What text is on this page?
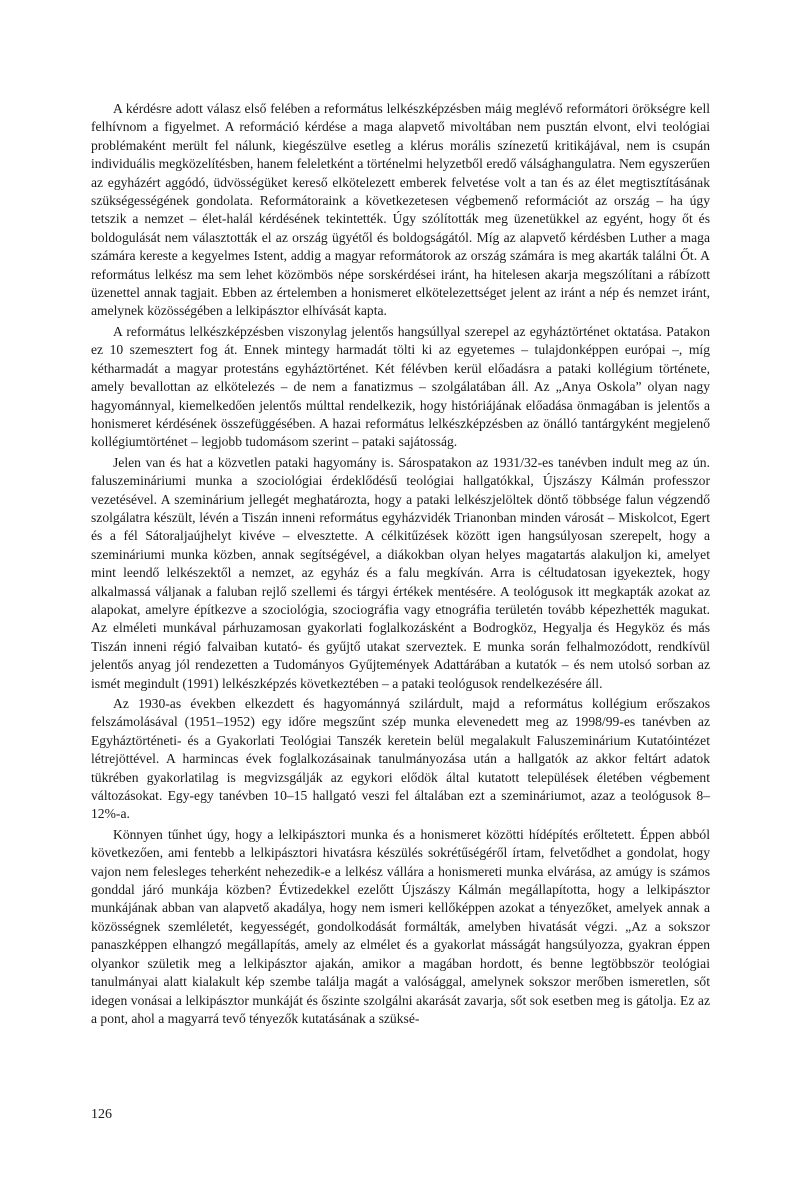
A kérdésre adott válasz első felében a református lelkészképzésben máig meglévő reformátori örökségre kell felhívnom a figyelmet. A reformáció kérdése a maga alapvető mivoltában nem pusztán elvont, elvi teológiai problémaként merült fel nálunk, kiegészülve esetleg a klérus morális színezetű kritikájával, nem is csupán individuális megközelítésben, hanem feleletként a történelmi helyzetből eredő válsághangulatra. Nem egyszerűen az egyházért aggódó, üdvösségüket kereső elkötelezett emberek felvetése volt a tan és az élet megtisztításának szükségességének gondolata. Reformátoraink a következetesen végbemenő reformációt az ország – ha úgy tetszik a nemzet – élet-halál kérdésének tekintették. Úgy szólították meg üzenetükkel az egyént, hogy őt és boldogulását nem választották el az ország ügyétől és boldogságától. Míg az alapvető kérdésben Luther a maga számára kereste a kegyelmes Istent, addig a magyar reformátorok az ország számára is meg akarták találni Őt. A református lelkész ma sem lehet közömbös népe sorskérdései iránt, ha hitelesen akarja megszólítani a rábízott üzenettel annak tagjait. Ebben az értelemben a honismeret elkötelezettséget jelent az iránt a nép és nemzet iránt, amelynek közösségében a lelkipásztor elhívását kapta.

A református lelkészképzésben viszonylag jelentős hangsúllyal szerepel az egyháztörténet oktatása. Patakon ez 10 szemesztert fog át. Ennek mintegy harmadát tölti ki az egyetemes – tulajdonképpen európai –, míg kétharmadát a magyar protestáns egyháztörténet. Két félévben kerül előadásra a pataki kollégium története, amely bevallottan az elkötelezés – de nem a fanatizmus – szolgálatában áll. Az „Anya Oskola” olyan nagy hagyománnyal, kiemelkedően jelentős múlttal rendelkezik, hogy históriájának előadása önmagában is jelentős a honismeret kérdésének összefüggésében. A hazai református lelkészképzésben az önálló tantárgyként megjelenő kollégiumtörténet – legjobb tudomásom szerint – pataki sajátosság.

Jelen van és hat a közvetlen pataki hagyomány is. Sárospatakon az 1931/32-es tanévben indult meg az ún. faluszemináriumi munka a szociológiai érdeklődésű teológiai hallgatókkal, Újszászy Kálmán professzor vezetésével. A szeminárium jellegét meghatározta, hogy a pataki lelkészjelöltek döntő többsége falun végzendő szolgálatra készült, lévén a Tiszán inneni református egyházvidék Trianonban minden városát – Miskolcot, Egert és a fél Sátoraljaújhelyt kivéve – elvesztette. A célkitűzések között igen hangsúlyosan szerepelt, hogy a szemináriumi munka közben, annak segítségével, a diákokban olyan helyes magatartás alakuljon ki, amelyet mint leendő lelkészektől a nemzet, az egyház és a falu megkíván. Arra is céltudatosan igyekeztek, hogy alkalmassá váljanak a faluban rejlő szellemi és tárgyi értékek mentésére. A teológusok itt megkapták azokat az alapokat, amelyre építkezve a szociológia, szociográfia vagy etnográfia területén tovább képezhették magukat. Az elméleti munkával párhuzamosan gyakorlati foglalkozásként a Bodrogköz, Hegyalja és Hegyköz és más Tiszán inneni régió falvaiban kutató- és gyűjtő utakat szerveztek. E munka során felhalmozódott, rendkívül jelentős anyag jól rendezetten a Tudományos Gyűjtemények Adattárában a kutatók – és nem utolsó sorban az ismét megindult (1991) lelkészképzés következtében – a pataki teológusok rendelkezésére áll.

Az 1930-as években elkezdett és hagyománnyá szilárdult, majd a református kollégium erőszakos felszámolásával (1951–1952) egy időre megszűnt szép munka elevenedett meg az 1998/99-es tanévben az Egyháztörténeti- és a Gyakorlati Teológiai Tanszék keretein belül megalakult Faluszeminárium Kutatóintézet létrejöttével. A harmincas évek foglalkozásainak tanulmányozása után a hallgatók az akkor feltárt adatok tükrében gyakorlatilag is megvizsgálják az egykori elődök által kutatott települések életében végbement változásokat. Egy-egy tanévben 10–15 hallgató veszi fel általában ezt a szemináriumot, azaz a teológusok 8–12%-a.

Könnyen tűnhet úgy, hogy a lelkipásztori munka és a honismeret közötti hídépítés erőltetett. Éppen abból következően, ami fentebb a lelkipásztori hivatásra készülés sokrétűségéről írtam, felvetődhet a gondolat, hogy vajon nem felesleges teherként nehezedik-e a lelkész vállára a honismereti munka elvárása, az amúgy is számos gonddal járó munkája közben? Évtizedekkel ezelőtt Újszászy Kálmán megállapította, hogy a lelkipásztor munkájának abban van alapvető akadálya, hogy nem ismeri kellőképpen azokat a tényezőket, amelyek annak a közösségnek szemléletét, kegyességét, gondolkodását formálták, amelyben hivatását végzi. „Az a sokszor panaszképpen elhangzó megállapítás, amely az elmélet és a gyakorlat másságát hangsúlyozza, gyakran éppen olyankor születik meg a lelkipásztor ajakán, amikor a magában hordott, és benne legtöbbször teológiai tanulmányai alatt kialakult kép szembe találja magát a valósággal, amelynek sokszor merőben ismeretlen, sőt idegen vonásai a lelkipásztor munkáját és őszinte szolgálni akarását zavarja, sőt sok esetben meg is gátolja. Ez az a pont, ahol a magyarrá tevő tényezők kutatásának a szüksé-

126
